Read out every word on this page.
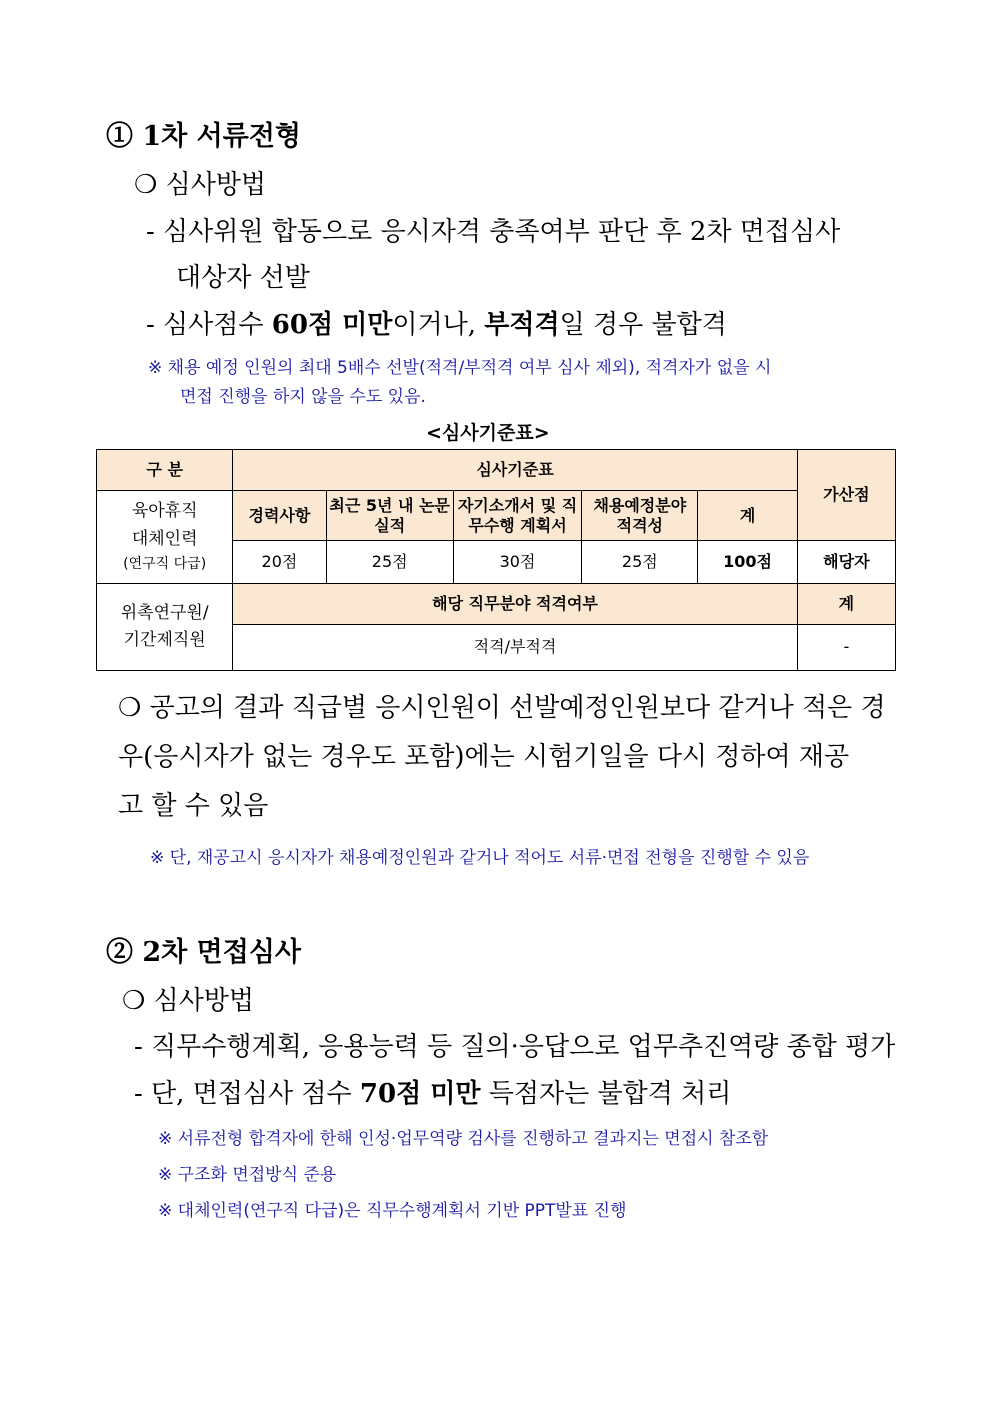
① 1차 서류전형
❍ 심사방법
- 심사위원 합동으로 응시자격 충족여부 판단 후 2차 면접심사
대상자 선발
- 심사점수 60점 미만이거나, 부적격일 경우 불합격
※ 채용 예정 인원의 최대 5배수 선발(적격/부적격 여부 심사 제외), 적격자가 없을 시
면접 진행을 하지 않을 수도 있음.
<심사기준표>
구 분	심사기준표					가산점

육아휴직
대체인력
(연구직 다급)	경력사항	최근 5년 내 논문실적	자기소개서 및 직무수행 계획서	채용예정분야 적격성	계	
	20점	25점	30점	25점	100점	해당자

위촉연구원/
기간제직원	해당 직무분야 적격여부					계
	적격/부적격					-
❍ 공고의 결과 직급별 응시인원이 선발예정인원보다 같거나 적은 경
우(응시자가 없는 경우도 포함)에는 시험기일을 다시 정하여 재공
고 할 수 있음
※ 단, 재공고시 응시자가 채용예정인원과 같거나 적어도 서류·면접 전형을 진행할 수 있음
② 2차 면접심사
❍ 심사방법
- 직무수행계획, 응용능력 등 질의·응답으로 업무추진역량 종합 평가
- 단, 면접심사 점수 70점 미만 득점자는 불합격 처리
※ 서류전형 합격자에 한해 인성·업무역량 검사를 진행하고 결과지는 면접시 참조함
※ 구조화 면접방식 준용
※ 대체인력(연구직 다급)은 직무수행계획서 기반 PPT발표 진행
